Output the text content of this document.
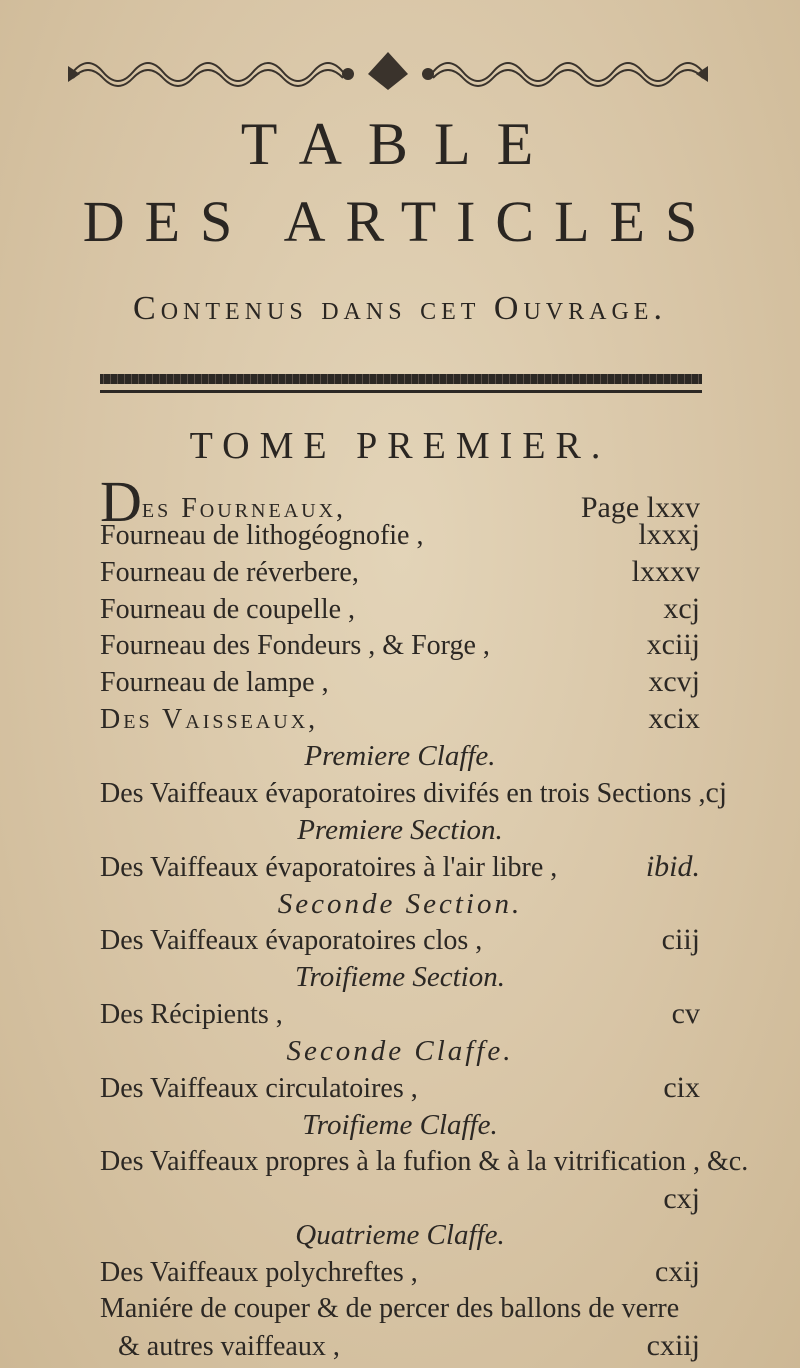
TABLE
DES ARTICLES
Contenus dans cet Ouvrage.
TOME PREMIER.
Des Fourneaux,	Page lxxv
Fourneau de lithogéognofie ,	lxxxj
Fourneau de réverbere,	lxxxv
Fourneau de coupelle ,	xcj
Fourneau des Fondeurs , & Forge ,	xciij
Fourneau de lampe ,	xcvj
Des Vaisseaux,	xcix
Premiere Claffe.
Des Vaiffeaux évaporatoires divifés en trois Sections , cj
Premiere Section.
Des Vaiffeaux évaporatoires à l'air libre ,	ibid.
Seconde Section.
Des Vaiffeaux évaporatoires clos ,	ciij
Troifieme Section.
Des Récipients ,	cv
Seconde Claffe.
Des Vaiffeaux circulatoires ,	cix
Troifieme Claffe.
Des Vaiffeaux propres à la fufion & à la vitrification , &c.
cxj
Quatrieme Claffe.
Des Vaiffeaux polychreftes ,	cxij
Maniére de couper & de percer des ballons de verre
& autres vaiffeaux ,	cxiij
